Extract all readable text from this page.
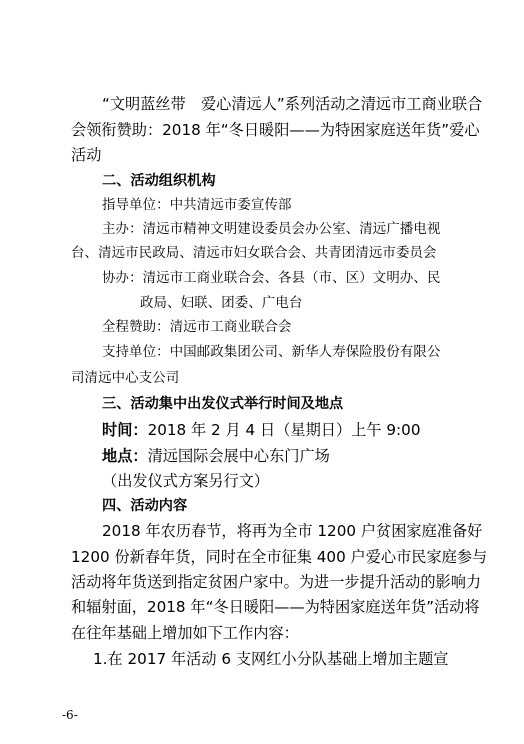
“文明蓝丝带　爱心清远人”系列活动之清远市工商业联合
会领衔赞助：2018 年“冬日暖阳——为特困家庭送年货”爱心
活动
二、活动组织机构
指导单位：中共清远市委宣传部
主办：清远市精神文明建设委员会办公室、清远广播电视
台、清远市民政局、清远市妇女联合会、共青团清远市委员会
协办：清远市工商业联合会、各县（市、区）文明办、民
政局、妇联、团委、广电台
全程赞助：清远市工商业联合会
支持单位：中国邮政集团公司、新华人寿保险股份有限公
司清远中心支公司
三、活动集中出发仪式举行时间及地点
时间：2018 年 2 月 4 日（星期日）上午 9:00
地点：清远国际会展中心东门广场
（出发仪式方案另行文）
四、活动内容
2018 年农历春节，将再为全市 1200 户贫困家庭准备好
1200 份新春年货，同时在全市征集 400 户爱心市民家庭参与
活动将年货送到指定贫困户家中。为进一步提升活动的影响力
和辐射面，2018 年“冬日暖阳——为特困家庭送年货”活动将
在往年基础上增加如下工作内容：
1.在 2017 年活动 6 支网红小分队基础上增加主题宣
-6-
